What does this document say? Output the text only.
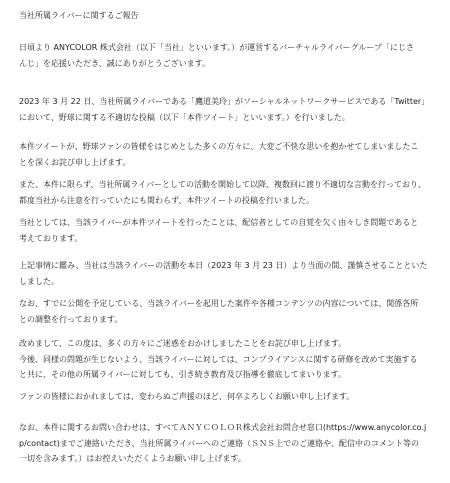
当社所属ライバーに関するご報告

日頃より ANYCOLOR 株式会社（以下「当社」といいます。）が運営するバーチャルライバーグループ「にじさ
んじ」を応援いただき、誠にありがとうございます。

2023 年 3 月 22 日、当社所属ライバーである「鷹道美玲」がソーシャルネットワークサービスである「Twitter」
において、野球に関する不適切な投稿（以下「本件ツイート」といいます。）を行いました。

本件ツイートが、野球ファンの皆様をはじめとした多くの方々に、大変ご不快な思いを抱かせてしまいましたこ
とを深くお詫び申し上げます。

また、本件に限らず、当社所属ライバーとしての活動を開始して以降、複数回に渡り不適切な言動を行っており、
都度当社から注意を行っていたにも関わらず、本件ツイートの投稿を行いました。

当社としては、当該ライバーが本件ツイートを行ったことは、配信者としての自覚を欠く由々しき問題であると
考えております。

上記事情に鑑み、当社は当該ライバーの活動を本日（2023 年 3 月 23 日）より当面の間、謹慎させることといた
しました。

なお、すでに公開を予定している、当該ライバーを起用した案件や各種コンテンツの内容については、関係各所
との調整を行っております。

改めまして、この度は、多くの方々にご迷惑をおかけしましたことをお詫び申し上げます。
今後、同様の問題が生じないよう、当該ライバーに対しては、コンプライアンスに関する研修を改めて実施する
と共に、その他の所属ライバーに対しても、引き続き教育及び指導を徹底してまいります。

ファンの皆様におかれましては、変わらぬご声援のほど、何卒よろしくお願い申し上げます。

なお、本件に関するお問い合わせは、すべてＡＮＹＣＯＬＯＲ株式会社お問合せ窓口(https://www.anycolor.co.j
p/contact)までご連絡いただき、当社所属ライバーへのご連絡（ＳＮＳ上でのご連絡や、配信中のコメント等の
一切を含みます。）はお控えいただくようお願い申し上げます。
